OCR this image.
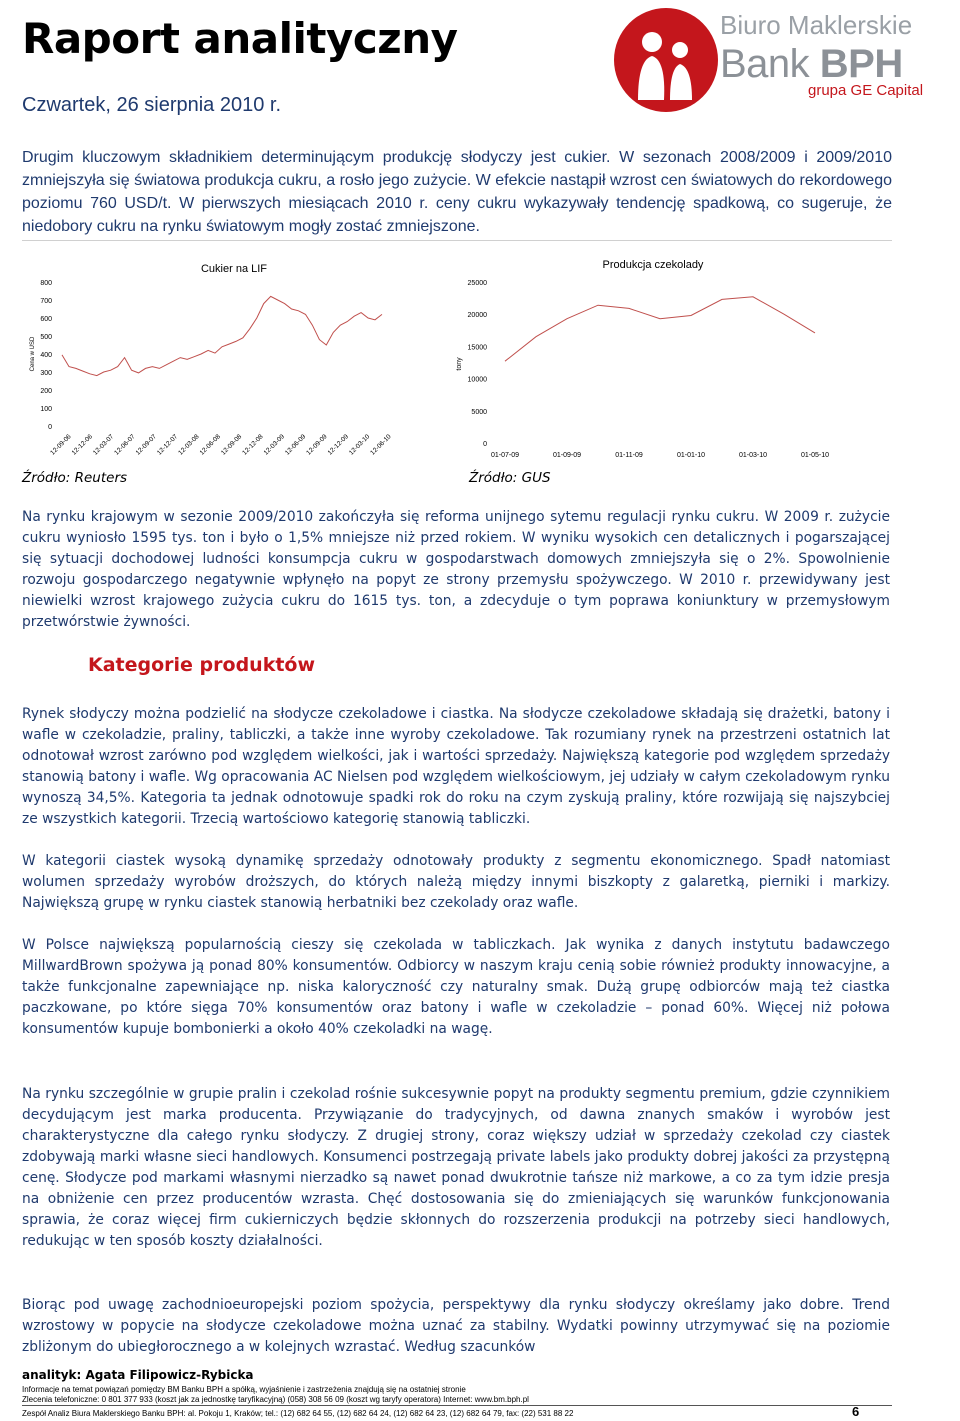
Raport analityczny
Czwartek, 26 sierpnia 2010 r.
Biuro Maklerskie
Bank BPH
grupa GE Capital
Drugim kluczowym składnikiem determinującym produkcję słodyczy jest cukier. W sezonach 2008/2009 i 2009/2010 zmniejszyła się światowa produkcja cukru, a rosło jego zużycie. W efekcie nastąpił wzrost cen światowych do rekordowego poziomu 760 USD/t. W pierwszych miesiącach 2010 r. ceny cukru wykazywały tendencję spadkową, co sugeruje, że niedobory cukru na rynku światowym mogły zostać zmniejszone.
Cukier na LIF
Cena w USD
0
100
200
300
400
500
600
700
800
12-09-06
12-12-06
12-03-07
12-06-07
12-09-07
12-12-07
12-03-08
12-06-08
12-09-08
12-12-08
12-03-09
12-06-09
12-09-09
12-12-09
12-03-10
12-06-10
Produkcja czekolady
tony
0
5000
10000
15000
20000
25000
01-07-09	01-09-09	01-11-09	01-01-10	01-03-10	01-05-10
Źródło: Reuters	Źródło: GUS
Na rynku krajowym w sezonie 2009/2010 zakończyła się reforma unijnego sytemu regulacji rynku cukru. W 2009 r. zużycie cukru wyniosło 1595 tys. ton i było o 1,5% mniejsze niż przed rokiem. W wyniku wysokich cen detalicznych i pogarszającej się sytuacji dochodowej ludności konsumpcja cukru w gospodarstwach domowych zmniejszyła się o 2%. Spowolnienie rozwoju gospodarczego negatywnie wpłynęło na popyt ze strony przemysłu spożywczego. W 2010 r. przewidywany jest niewielki wzrost krajowego zużycia cukru do 1615 tys. ton, a zdecyduje o tym poprawa koniunktury w przemysłowym przetwórstwie żywności.
Kategorie produktów
Rynek słodyczy można podzielić na słodycze czekoladowe i ciastka. Na słodycze czekoladowe składają się drażetki, batony i wafle w czekoladzie, praliny, tabliczki, a także inne wyroby czekoladowe. Tak rozumiany rynek na przestrzeni ostatnich lat odnotował wzrost zarówno pod względem wielkości, jak i wartości sprzedaży. Największą kategorie pod względem sprzedaży stanowią batony i wafle. Wg opracowania AC Nielsen pod względem wielkościowym, jej udziały w całym czekoladowym rynku wynoszą 34,5%. Kategoria ta jednak odnotowuje spadki rok do roku na czym zyskują praliny, które rozwijają się najszybciej ze wszystkich kategorii. Trzecią wartościowo kategorię stanowią tabliczki.
W kategorii ciastek wysoką dynamikę sprzedaży odnotowały produkty z segmentu ekonomicznego. Spadł natomiast wolumen sprzedaży wyrobów droższych, do których należą między innymi biszkopty z galaretką, pierniki i markizy. Największą grupę w rynku ciastek stanowią herbatniki bez czekolady oraz wafle.
W Polsce największą popularnością cieszy się czekolada w tabliczkach. Jak wynika z danych instytutu badawczego MillwardBrown spożywa ją ponad 80% konsumentów. Odbiorcy w naszym kraju cenią sobie również produkty innowacyjne, a także funkcjonalne zapewniające np. niska kaloryczność czy naturalny smak. Dużą grupę odbiorców mają też ciastka paczkowane, po które sięga 70% konsumentów oraz batony i wafle w czekoladzie – ponad 60%. Więcej niż połowa konsumentów kupuje bombonierki a około 40% czekoladki na wagę.
Na rynku szczególnie w grupie pralin i czekolad rośnie sukcesywnie popyt na produkty segmentu premium, gdzie czynnikiem decydującym jest marka producenta. Przywiązanie do tradycyjnych, od dawna znanych smaków i wyrobów jest charakterystyczne dla całego rynku słodyczy. Z drugiej strony, coraz większy udział w sprzedaży czekolad czy ciastek zdobywają marki własne sieci handlowych. Konsumenci postrzegają private labels jako produkty dobrej jakości za przystępną cenę. Słodycze pod markami własnymi nierzadko są nawet ponad dwukrotnie tańsze niż markowe, a co za tym idzie presja na obniżenie cen przez producentów wzrasta. Chęć dostosowania się do zmieniających się warunków funkcjonowania sprawia, że coraz więcej firm cukierniczych będzie skłonnych do rozszerzenia produkcji na potrzeby sieci handlowych, redukując w ten sposób koszty działalności.
Biorąc pod uwagę zachodnioeuropejski poziom spożycia, perspektywy dla rynku słodyczy określamy jako dobre. Trend wzrostowy w popycie na słodycze czekoladowe można uznać za stabilny. Wydatki powinny utrzymywać się na poziomie zbliżonym do ubiegłorocznego a w kolejnych wzrastać. Według szacunków
analityk: Agata Filipowicz-Rybicka
Informacje na temat powiązań pomiędzy BM Banku BPH a spółką, wyjaśnienie i zastrzeżenia znajdują się na ostatniej stronie
Zlecenia telefoniczne: 0 801 377 933 (koszt jak za jednostkę taryfikacyjną) (058) 308 56 09 (koszt wg taryfy operatora) Internet: www.bm.bph.pl
Zespół Analiz Biura Maklerskiego Banku BPH: al. Pokoju 1, Kraków; tel.: (12) 682 64 55, (12) 682 64 24, (12) 682 64 23, (12) 682 64 79, fax: (22) 531 88 22	6
